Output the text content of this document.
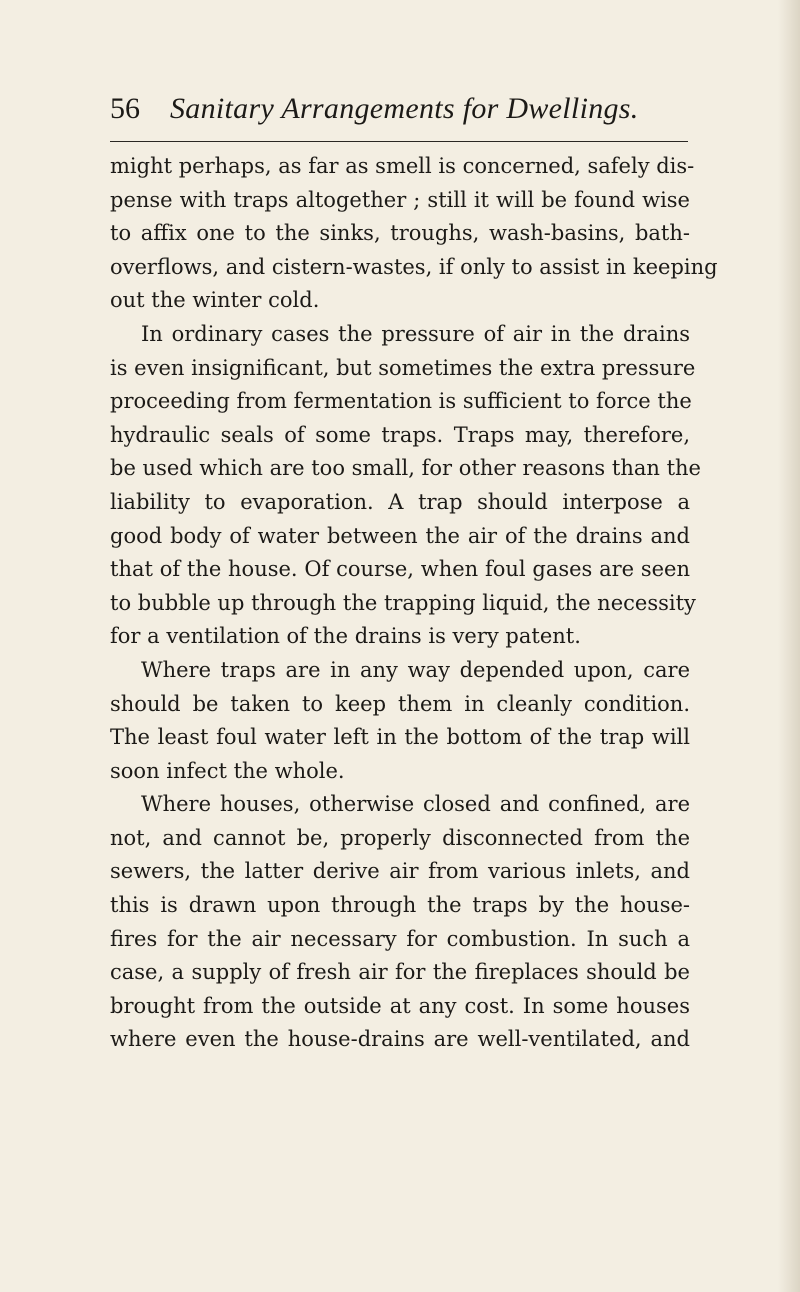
56 Sanitary Arrangements for Dwellings.
might perhaps, as far as smell is concerned, safely dis-
pense with traps altogether ; still it will be found wise
to affix one to the sinks, troughs, wash-basins, bath-
overflows, and cistern-wastes, if only to assist in keeping
out the winter cold.
In ordinary cases the pressure of air in the drains
is even insignificant, but sometimes the extra pressure
proceeding from fermentation is sufficient to force the
hydraulic seals of some traps. Traps may, therefore,
be used which are too small, for other reasons than the
liability to evaporation. A trap should interpose a
good body of water between the air of the drains and
that of the house. Of course, when foul gases are seen
to bubble up through the trapping liquid, the necessity
for a ventilation of the drains is very patent.
Where traps are in any way depended upon, care
should be taken to keep them in cleanly condition.
The least foul water left in the bottom of the trap will
soon infect the whole.
Where houses, otherwise closed and confined, are
not, and cannot be, properly disconnected from the
sewers, the latter derive air from various inlets, and
this is drawn upon through the traps by the house-
fires for the air necessary for combustion. In such a
case, a supply of fresh air for the fireplaces should be
brought from the outside at any cost. In some houses
where even the house-drains are well-ventilated, and
